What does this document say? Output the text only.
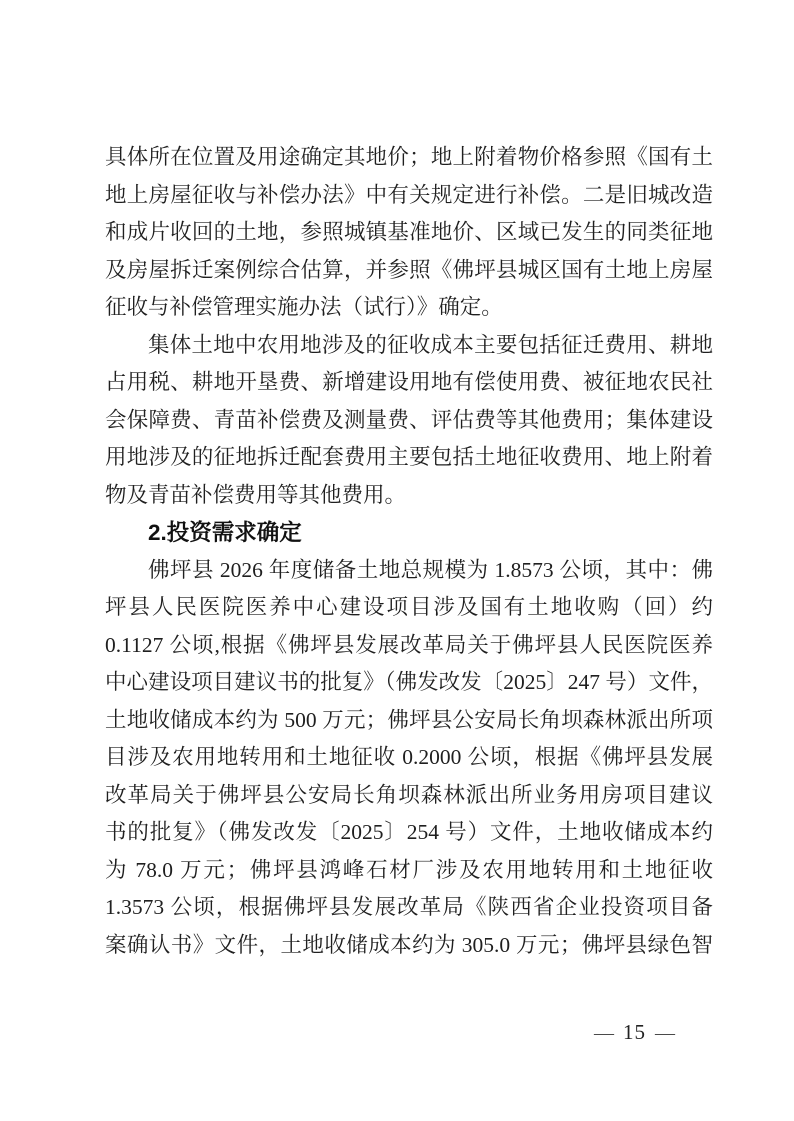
具体所在位置及用途确定其地价；地上附着物价格参照《国有土
地上房屋征收与补偿办法》中有关规定进行补偿。二是旧城改造
和成片收回的土地，参照城镇基准地价、区域已发生的同类征地
及房屋拆迁案例综合估算，并参照《佛坪县城区国有土地上房屋
征收与补偿管理实施办法（试行）》确定。
集体土地中农用地涉及的征收成本主要包括征迁费用、耕地
占用税、耕地开垦费、新增建设用地有偿使用费、被征地农民社
会保障费、青苗补偿费及测量费、评估费等其他费用；集体建设
用地涉及的征地拆迁配套费用主要包括土地征收费用、地上附着
物及青苗补偿费用等其他费用。
2.投资需求确定
佛坪县 2026 年度储备土地总规模为 1.8573 公顷，其中：佛
坪县人民医院医养中心建设项目涉及国有土地收购（回）约
0.1127 公顷,根据《佛坪县发展改革局关于佛坪县人民医院医养
中心建设项目建议书的批复》（佛发改发〔2025〕247 号）文件，
土地收储成本约为 500 万元；佛坪县公安局长角坝森林派出所项
目涉及农用地转用和土地征收 0.2000 公顷，根据《佛坪县发展
改革局关于佛坪县公安局长角坝森林派出所业务用房项目建议
书的批复》（佛发改发〔2025〕254 号）文件，土地收储成本约
为 78.0 万元；佛坪县鸿峰石材厂涉及农用地转用和土地征收
1.3573 公顷，根据佛坪县发展改革局《陕西省企业投资项目备
案确认书》文件，土地收储成本约为 305.0 万元；佛坪县绿色智
— 15 —
